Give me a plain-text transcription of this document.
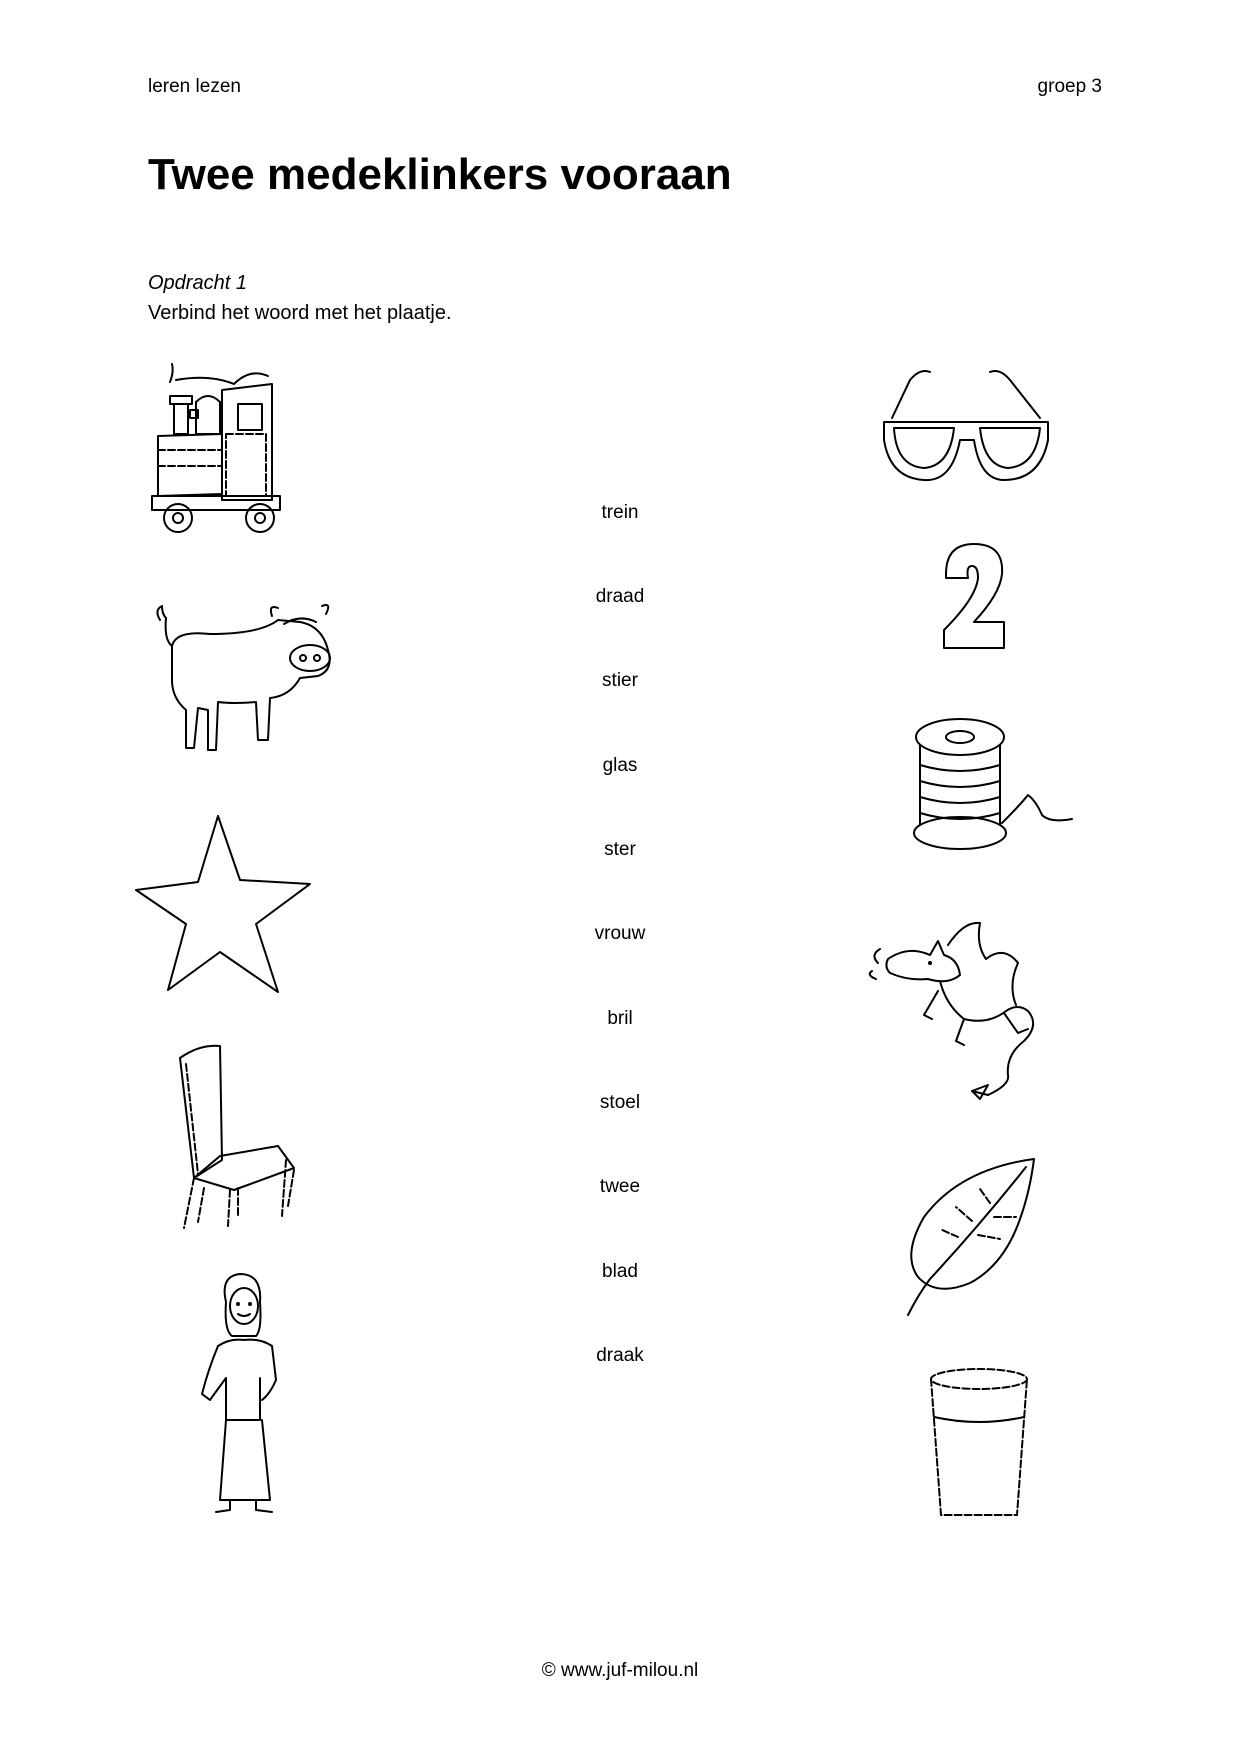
leren lezen	groep 3
Twee medeklinkers vooraan
Opdracht 1
Verbind het woord met het plaatje.
trein
draad
stier
glas
ster
vrouw
bril
stoel
twee
blad
draak
© www.juf-milou.nl
